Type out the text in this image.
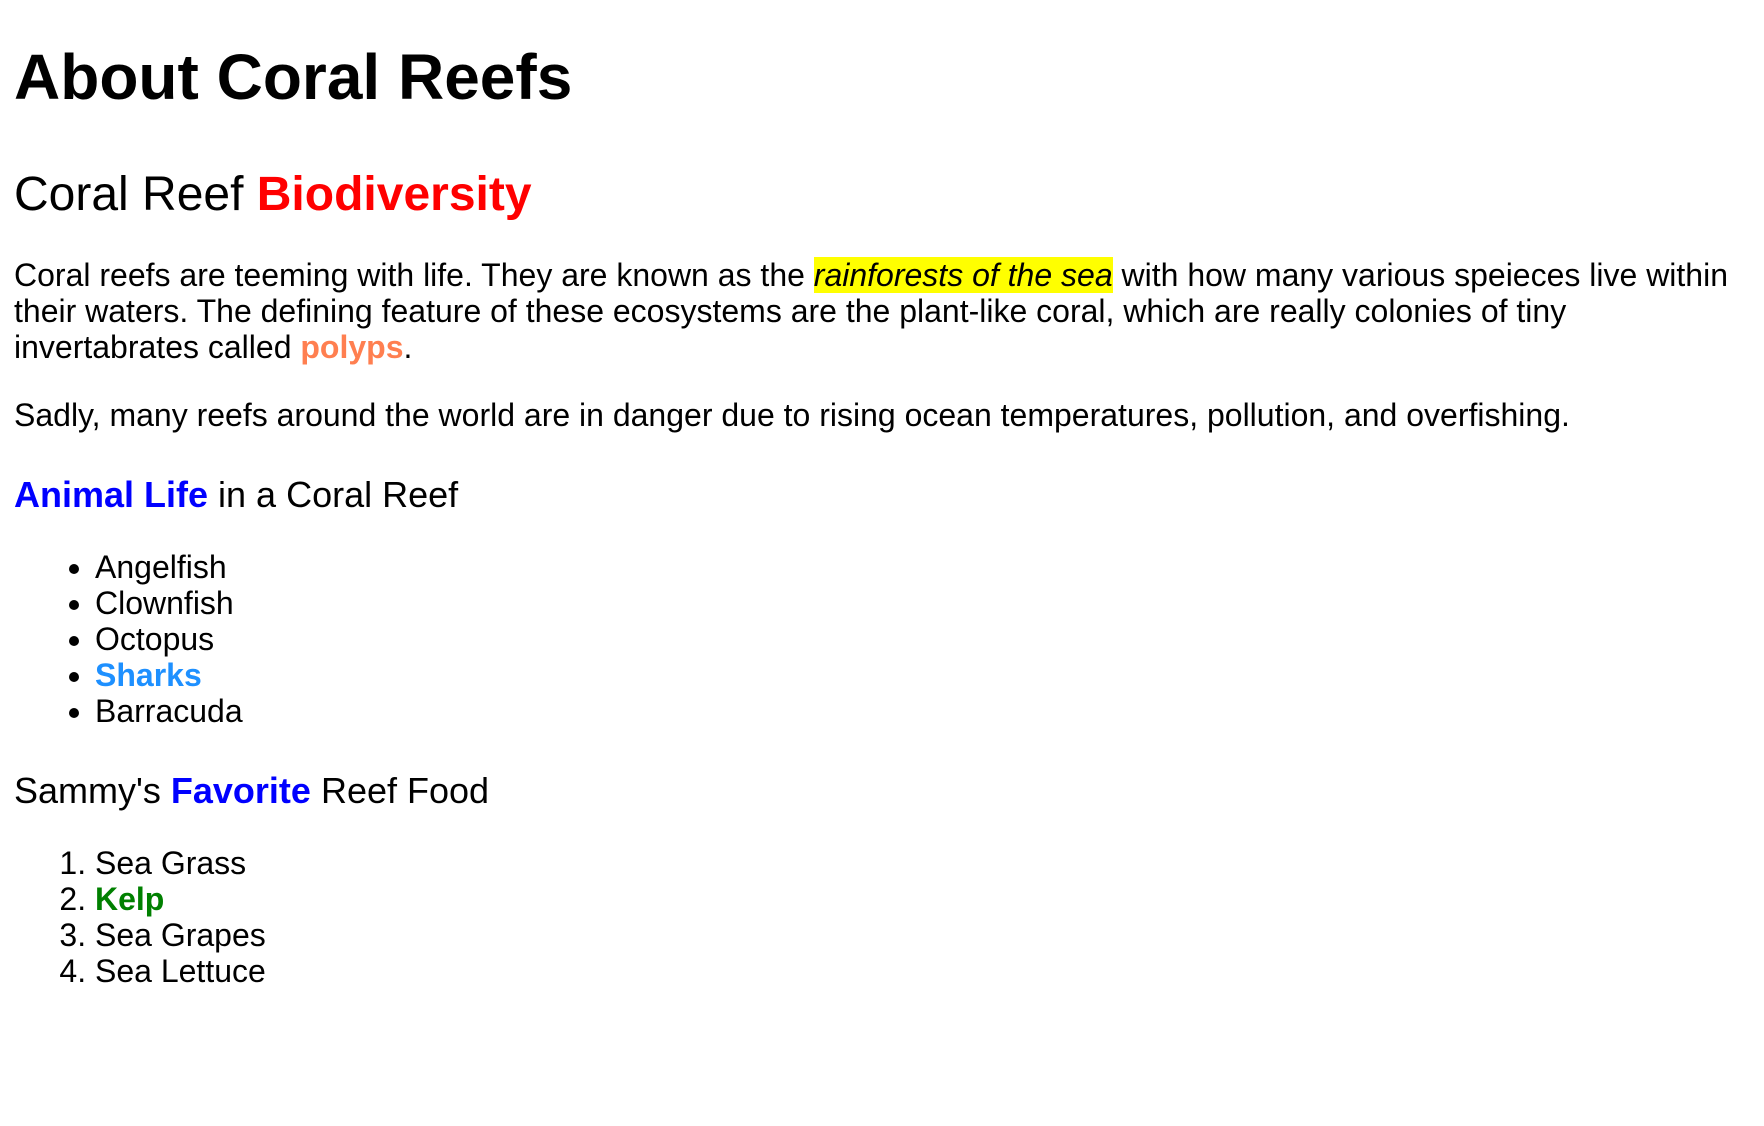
About Coral Reefs
Coral Reef Biodiversity

Coral reefs are teeming with life. They are known as the rainforests of the sea with how many various speieces live within their waters. The defining feature of these ecosystems are the plant-like coral, which are really colonies of tiny invertabrates called polyps.

Sadly, many reefs around the world are in danger due to rising ocean temperatures, pollution, and overfishing.

Animal Life in a Coral Reef
• Angelfish
• Clownfish
• Octopus
• Sharks
• Barracuda
Sammy's Favorite Reef Food
1. Sea Grass
2. Kelp
3. Sea Grapes
4. Sea Lettuce
